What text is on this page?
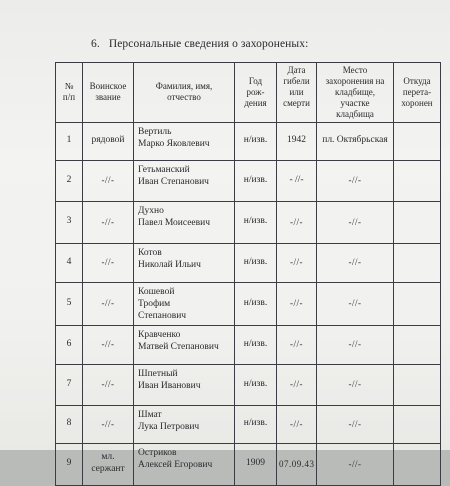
6. Персональные сведения о захороненых:
№
п/п	Воинское
звание	Фамилия, имя,
отчество	Год
рож-
дения	Дата
гибели
или
смерти	Место
захоронения на
кладбище,
участке
кладбища	Откуда
перета-
хоронен

1	рядовой	Вертиль
Марко Яковлевич	н/изв.	1942	пл. Октябрьская	
2	-//-	Гетьманский
Иван Степанович	н/изв.	- //-	-//-	
3	-//-	Духно
Павел Моисеевич	н/изв.	-//-	-//-	
4	-//-	Котов
Николай Ильич	н/изв.	-//-	-//-	
5	-//-	Кошевой
Трофим
Степанович	н/изв.	-//-	-//-	
6	-//-	Кравченко
Матвей Степанович	н/изв.	-//-	-//-	
7	-//-	Шпетный
Иван Иванович	н/изв.	-//-	-//-	
8	-//-	Шмат
Лука Петрович	н/изв.	-//-	-//-	
9	мл. сержант	Остриков
Алексей Егорович	1909	07.09.43	-//-	
